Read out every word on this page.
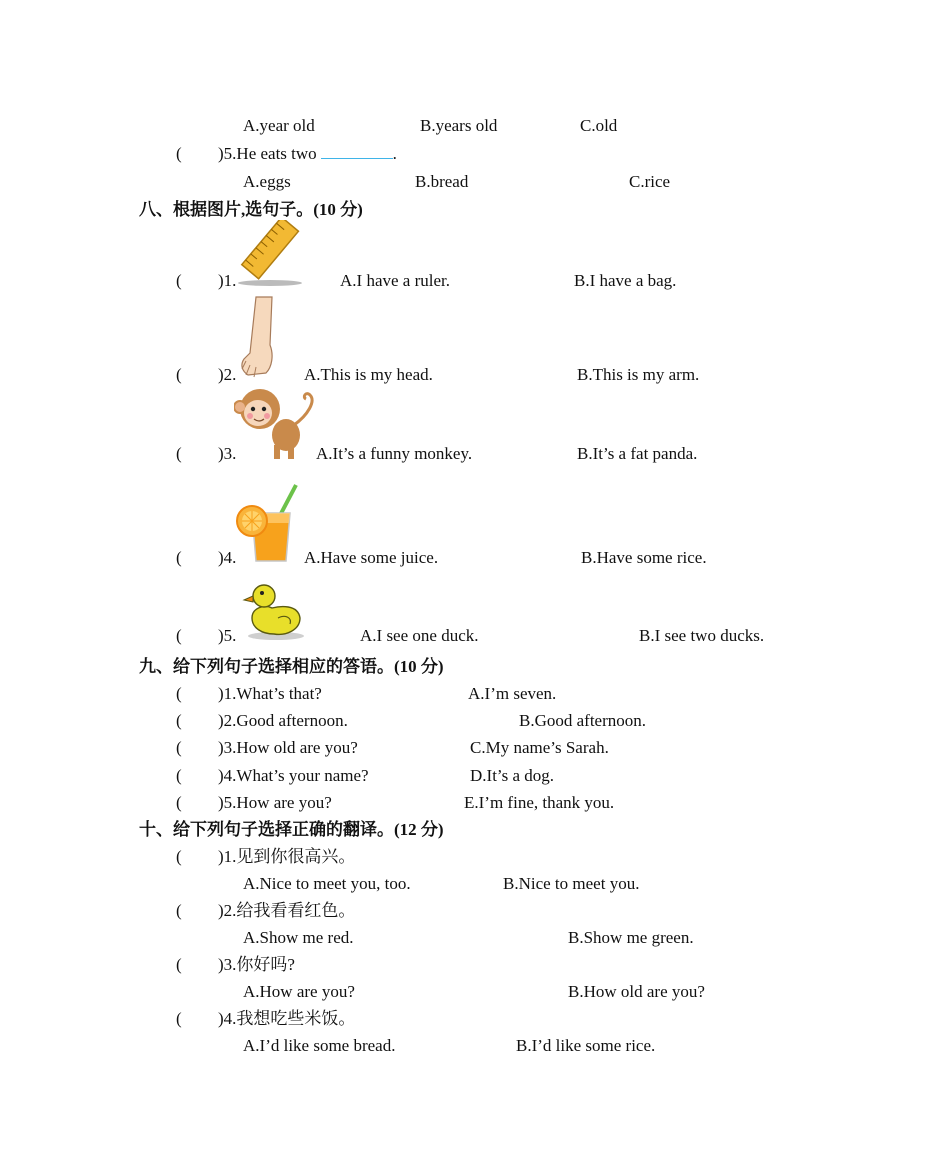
A.year old	B.years old	C.old
( )5.He eats two	.
A.eggs	B.bread	C.rice
八、根据图片,选句子。(10 分)
( )1.	A.I have a ruler.	B.I have a bag.
( )2.	A.This is my head.	B.This is my arm.
( )3.	A.It’s a funny monkey.	B.It’s a fat panda.
( )4.	A.Have some juice.	B.Have some rice.
( )5.	A.I see one duck.	B.I see two ducks.
九、给下列句子选择相应的答语。(10 分)
( )1.What’s that?	A.I’m seven.
( )2.Good afternoon.	B.Good afternoon.
( )3.How old are you?	C.My name’s Sarah.
( )4.What’s your name?	D.It’s a dog.
( )5.How are you?	E.I’m fine, thank you.
十、给下列句子选择正确的翻译。(12 分)
( )1.见到你很高兴。
A.Nice to meet you, too.	B.Nice to meet you.
( )2.给我看看红色。
A.Show me red.	B.Show me green.
( )3.你好吗?
A.How are you?	B.How old are you?
( )4.我想吃些米饭。
A.I’d like some bread.	B.I’d like some rice.
